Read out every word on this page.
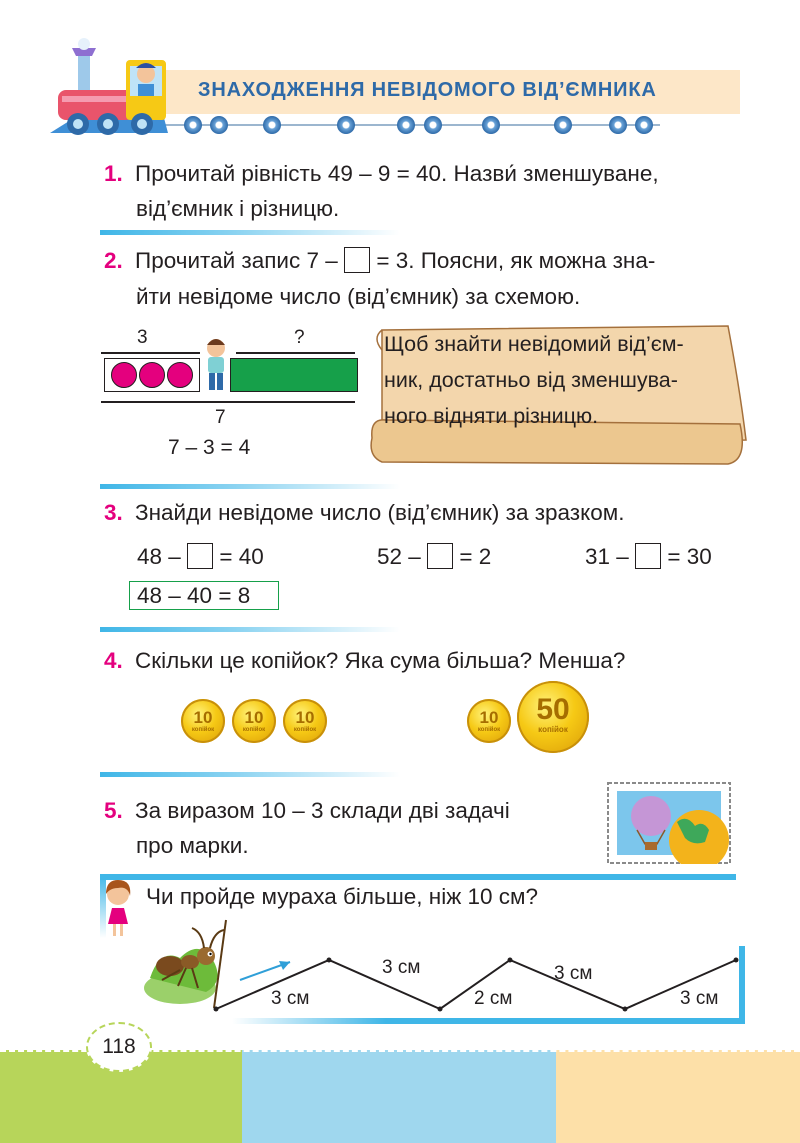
ЗНАХОДЖЕННЯ НЕВІДОМОГО ВІД’ЄМНИКА
1. Прочитай рівність 49 – 9 = 40. Назви́ зменшуване,
від’ємник і різницю.
2. Прочитай запис 7 – = 3. Поясни, як можна зна-
йти невідоме число (від’ємник) за схемою.
3	?
7
7 – 3 = 4
Щоб знайти невідомий від’єм-
ник, достатньо від зменшува-
ного відняти різницю.
3. Знайди невідоме число (від’ємник) за зразком.
48 – = 40	52 – = 2	31 – = 30
48 – 40 = 8
4. Скільки це копійок? Яка сума більша? Менша?
10
копійок
10
копійок
10
копійок
10
копійок
50
копійок
5. За виразом 10 – 3 склади дві задачі
про марки.
Чи пройде мураха більше, ніж 10 см?
3 см
3 см
2 см
3 см
3 см
118
